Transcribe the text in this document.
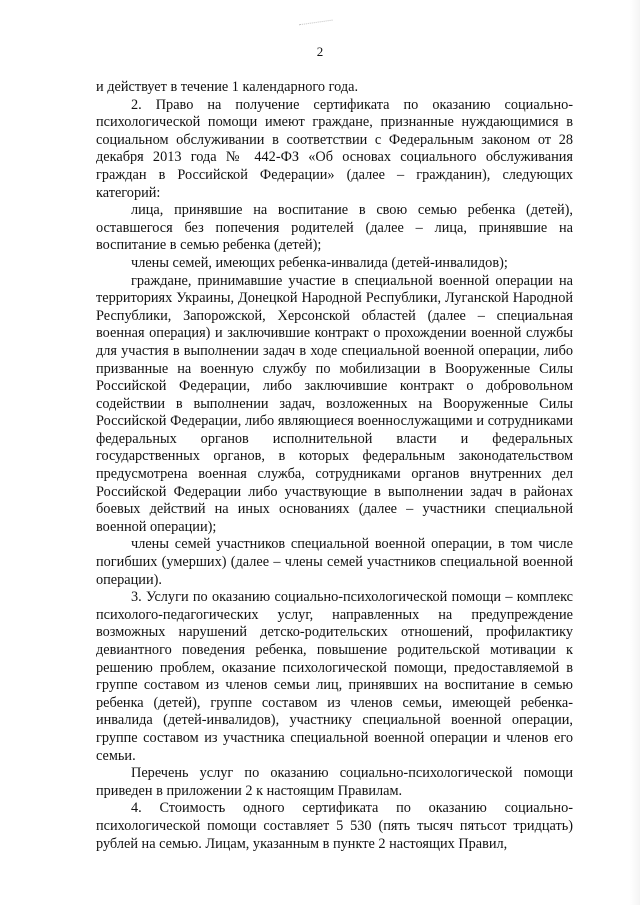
2

и действует в течение 1 календарного года.

2. Право на получение сертификата по оказанию социально-психологической помощи имеют граждане, признанные нуждающимися в социальном обслуживании в соответствии с Федеральным законом от 28 декабря 2013 года № 442-ФЗ «Об основах социального обслуживания граждан в Российской Федерации» (далее – гражданин), следующих категорий:

лица, принявшие на воспитание в свою семью ребенка (детей), оставшегося без попечения родителей (далее – лица, принявшие на воспитание в семью ребенка (детей);

члены семей, имеющих ребенка-инвалида (детей-инвалидов);

граждане, принимавшие участие в специальной военной операции на территориях Украины, Донецкой Народной Республики, Луганской Народной Республики, Запорожской, Херсонской областей (далее – специальная военная операция) и заключившие контракт о прохождении военной службы для участия в выполнении задач в ходе специальной военной операции, либо призванные на военную службу по мобилизации в Вооруженные Силы Российской Федерации, либо заключившие контракт о добровольном содействии в выполнении задач, возложенных на Вооруженные Силы Российской Федерации, либо являющиеся военнослужащими и сотрудниками федеральных органов исполнительной власти и федеральных государственных органов, в которых федеральным законодательством предусмотрена военная служба, сотрудниками органов внутренних дел Российской Федерации либо участвующие в выполнении задач в районах боевых действий на иных основаниях (далее – участники специальной военной операции);

члены семей участников специальной военной операции, в том числе погибших (умерших) (далее – члены семей участников специальной военной операции).

3. Услуги по оказанию социально-психологической помощи – комплекс психолого-педагогических услуг, направленных на предупреждение возможных нарушений детско-родительских отношений, профилактику девиантного поведения ребенка, повышение родительской мотивации к решению проблем, оказание психологической помощи, предоставляемой в группе составом из членов семьи лиц, принявших на воспитание в семью ребенка (детей), группе составом из членов семьи, имеющей ребенка-инвалида (детей-инвалидов), участнику специальной военной операции, группе составом из участника специальной военной операции и членов его семьи.

Перечень услуг по оказанию социально-психологической помощи приведен в приложении 2 к настоящим Правилам.

4. Стоимость одного сертификата по оказанию социально-психологической помощи составляет 5 530 (пять тысяч пятьсот тридцать) рублей на семью. Лицам, указанным в пункте 2 настоящих Правил,
